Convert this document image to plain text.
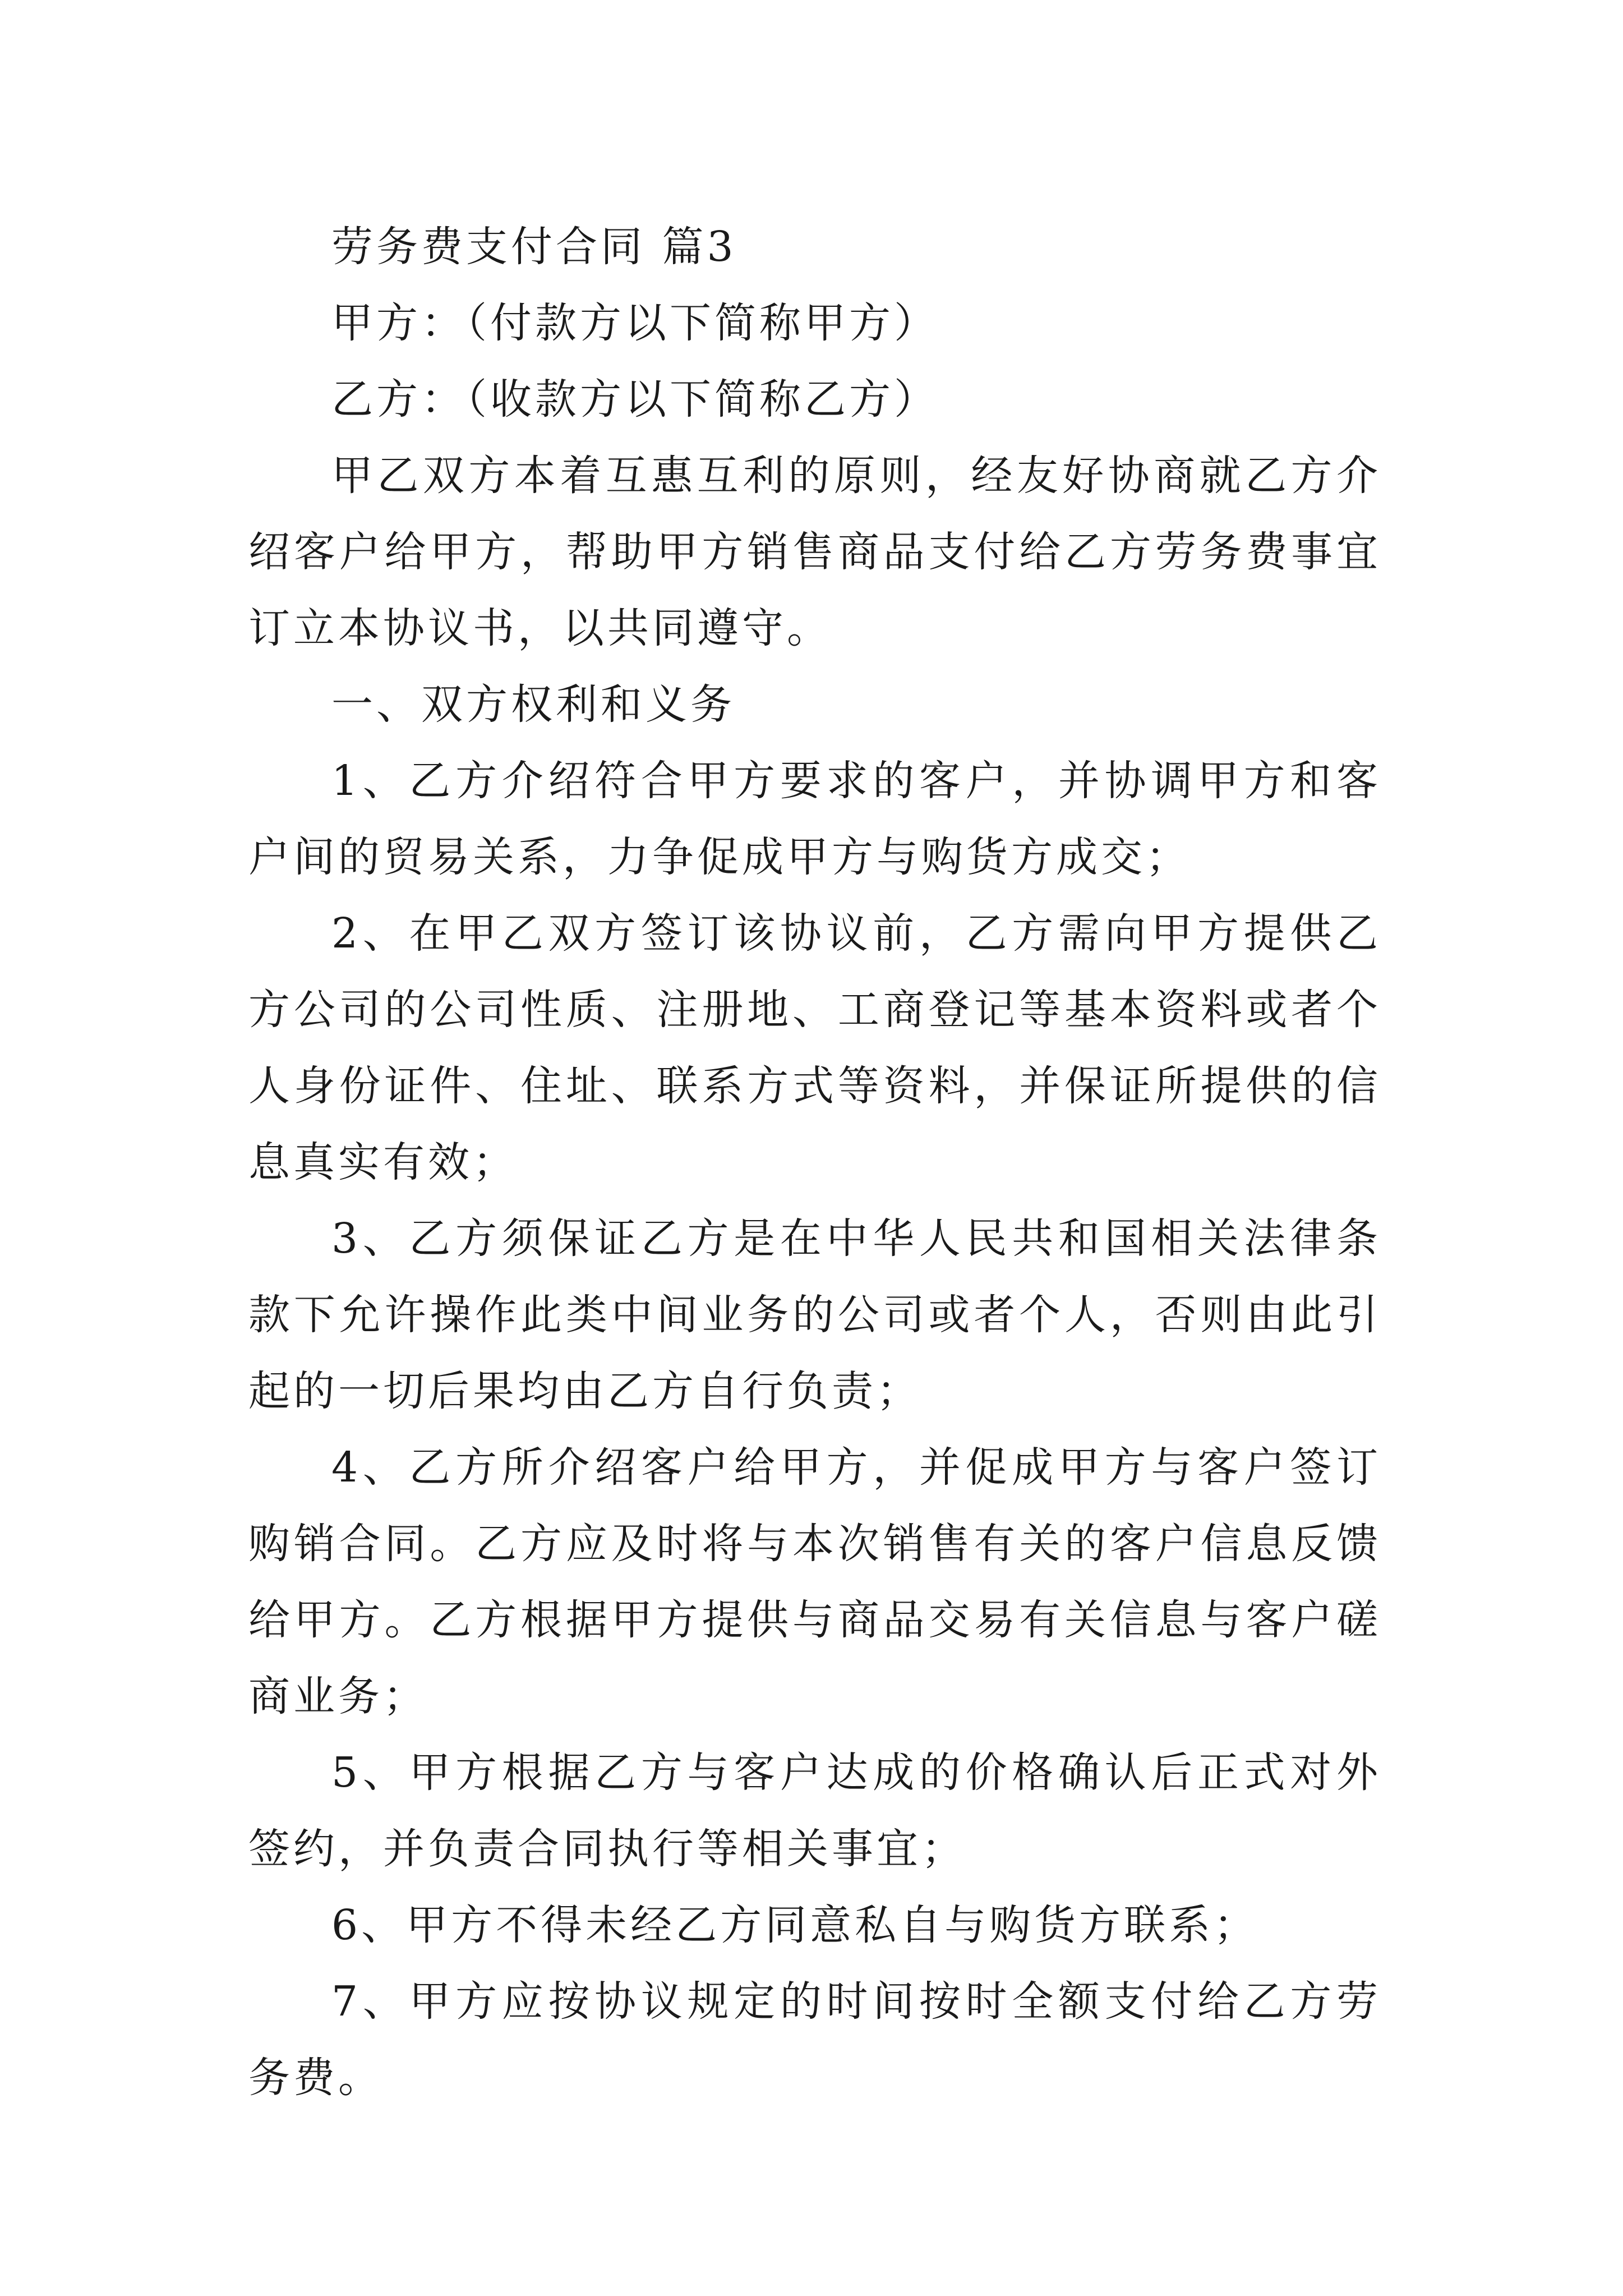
劳务费支付合同 篇3

甲方：（付款方以下简称甲方）

乙方：（收款方以下简称乙方）

甲乙双方本着互惠互利的原则，经友好协商就乙方介绍客户给甲方，帮助甲方销售商品支付给乙方劳务费事宜订立本协议书，以共同遵守。

一、双方权利和义务

1、乙方介绍符合甲方要求的客户，并协调甲方和客户间的贸易关系，力争促成甲方与购货方成交；

2、在甲乙双方签订该协议前，乙方需向甲方提供乙方公司的公司性质、注册地、工商登记等基本资料或者个人身份证件、住址、联系方式等资料，并保证所提供的信息真实有效；

3、乙方须保证乙方是在中华人民共和国相关法律条款下允许操作此类中间业务的公司或者个人，否则由此引起的一切后果均由乙方自行负责；

4、乙方所介绍客户给甲方，并促成甲方与客户签订购销合同。乙方应及时将与本次销售有关的客户信息反馈给甲方。乙方根据甲方提供与商品交易有关信息与客户磋商业务；

5、甲方根据乙方与客户达成的价格确认后正式对外签约，并负责合同执行等相关事宜；

6、甲方不得未经乙方同意私自与购货方联系；

7、甲方应按协议规定的时间按时全额支付给乙方劳务费。
